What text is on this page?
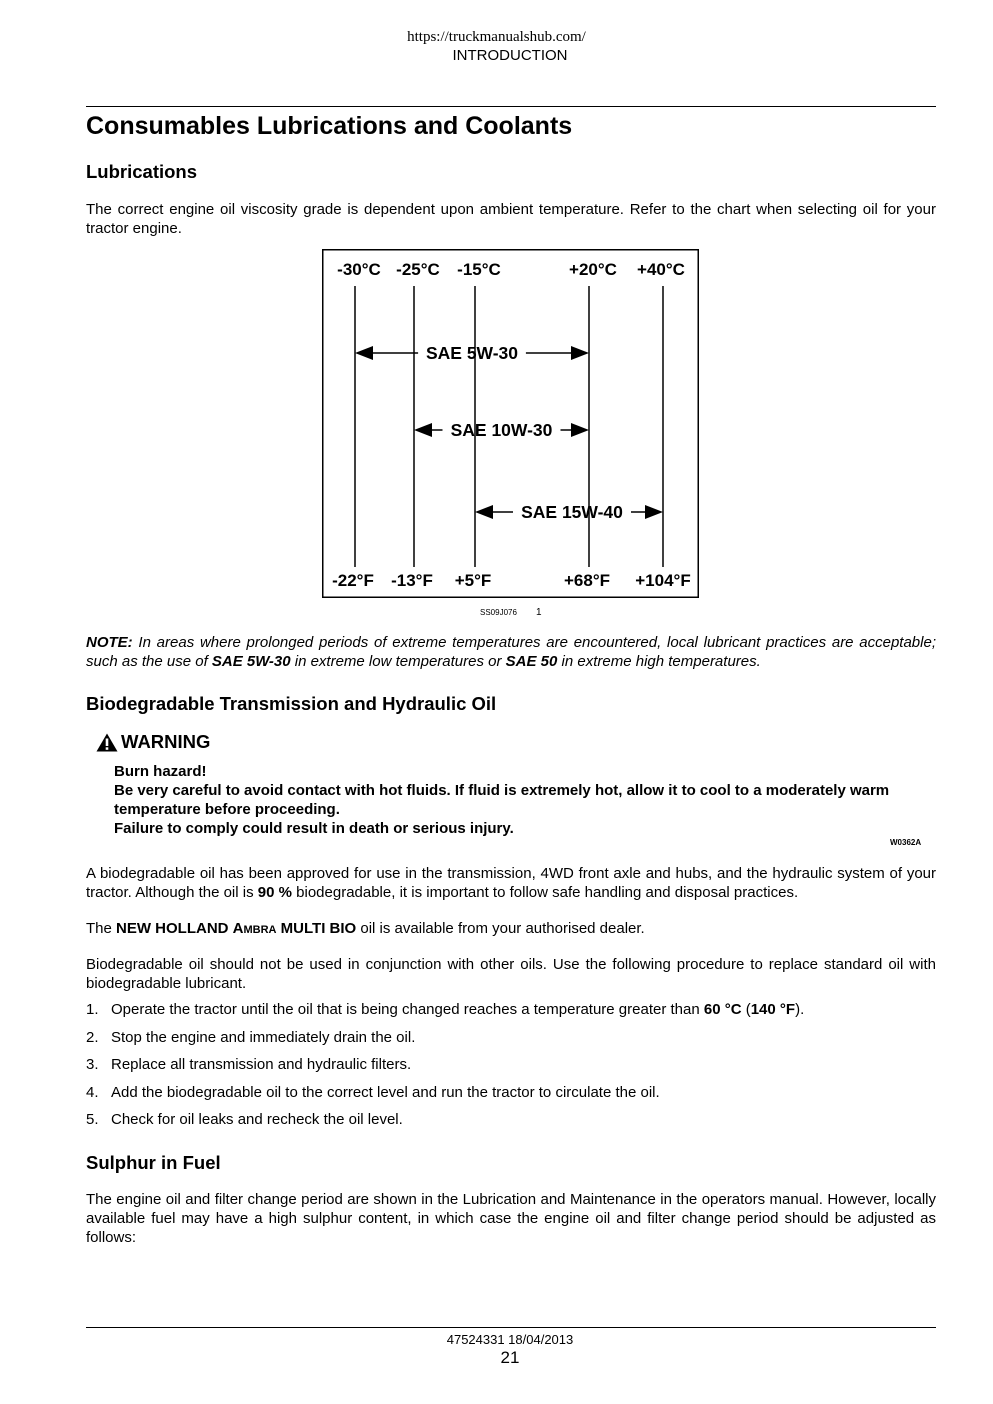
https://truckmanualshub.com/
INTRODUCTION
Consumables Lubrications and Coolants
Lubrications
The correct engine oil viscosity grade is dependent upon ambient temperature. Refer to the chart when selecting oil for your tractor engine.
SAE 5W-30
SAE 10W-30
SAE 15W-40
-30°C -25°C -15°C	+20°C +40°C
-22°F -13°F +5°F	+68°F +104°F
SS09J076 1
NOTE: In areas where prolonged periods of extreme temperatures are encountered, local lubricant practices are acceptable; such as the use of SAE 5W-30 in extreme low temperatures or SAE 50 in extreme high temperatures.
Biodegradable Transmission and Hydraulic Oil
WARNING
Burn hazard!
Be very careful to avoid contact with hot fluids. If fluid is extremely hot, allow it to cool to a moderately warm temperature before proceeding.
Failure to comply could result in death or serious injury.
W0362A
A biodegradable oil has been approved for use in the transmission, 4WD front axle and hubs, and the hydraulic system of your tractor. Although the oil is 90 % biodegradable, it is important to follow safe handling and disposal practices.
The NEW HOLLAND Ambra MULTI BIO oil is available from your authorised dealer.
Biodegradable oil should not be used in conjunction with other oils. Use the following procedure to replace standard oil with biodegradable lubricant.
1. Operate the tractor until the oil that is being changed reaches a temperature greater than 60 °C (140 °F).
2. Stop the engine and immediately drain the oil.
3. Replace all transmission and hydraulic filters.
4. Add the biodegradable oil to the correct level and run the tractor to circulate the oil.
5. Check for oil leaks and recheck the oil level.
Sulphur in Fuel
The engine oil and filter change period are shown in the Lubrication and Maintenance in the operators manual. However, locally available fuel may have a high sulphur content, in which case the engine oil and filter change period should be adjusted as follows:
47524331 18/04/2013
21
